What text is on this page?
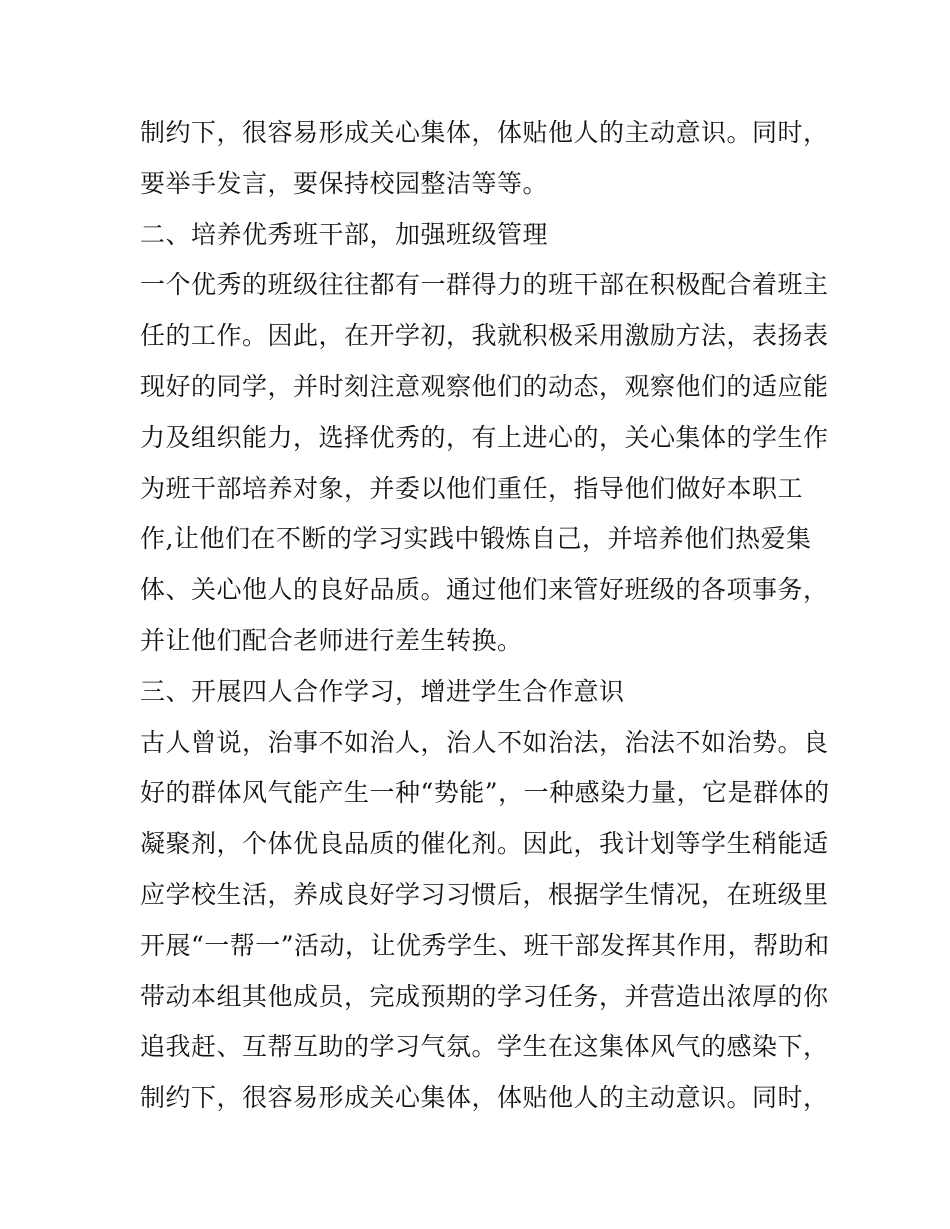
制约下，很容易形成关心集体，体贴他人的主动意识。同时，
要举手发言，要保持校园整洁等等。
二、培养优秀班干部，加强班级管理
一个优秀的班级往往都有一群得力的班干部在积极配合着班主
任的工作。因此，在开学初，我就积极采用激励方法，表扬表
现好的同学，并时刻注意观察他们的动态，观察他们的适应能
力及组织能力，选择优秀的，有上进心的，关心集体的学生作
为班干部培养对象，并委以他们重任，指导他们做好本职工
作,让他们在不断的学习实践中锻炼自己，并培养他们热爱集
体、关心他人的良好品质。通过他们来管好班级的各项事务，
并让他们配合老师进行差生转换。
三、开展四人合作学习，增进学生合作意识
古人曾说，治事不如治人，治人不如治法，治法不如治势。良
好的群体风气能产生一种“势能”，一种感染力量，它是群体的
凝聚剂，个体优良品质的催化剂。因此，我计划等学生稍能适
应学校生活，养成良好学习习惯后，根据学生情况，在班级里
开展“一帮一”活动，让优秀学生、班干部发挥其作用，帮助和
带动本组其他成员，完成预期的学习任务，并营造出浓厚的你
追我赶、互帮互助的学习气氛。学生在这集体风气的感染下，
制约下，很容易形成关心集体，体贴他人的主动意识。同时，
